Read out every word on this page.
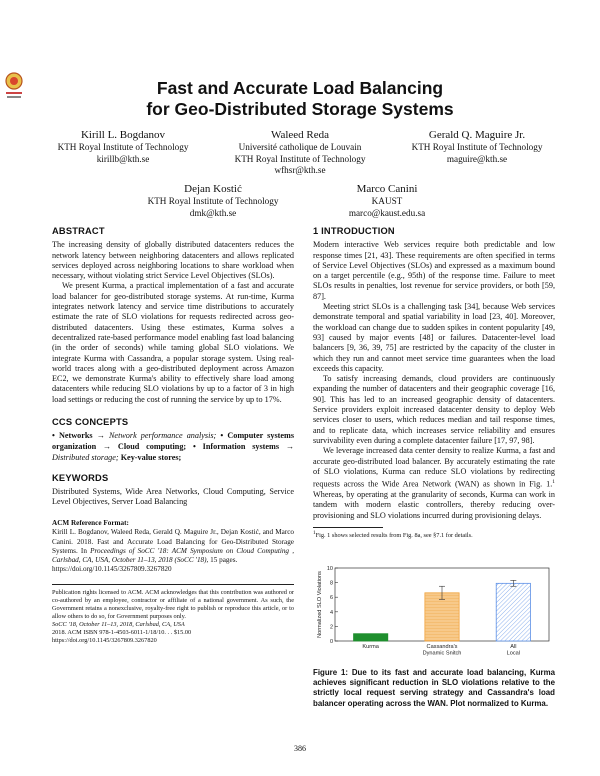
Fast and Accurate Load Balancing
for Geo-Distributed Storage Systems
Kirill L. Bogdanov
KTH Royal Institute of Technology
kirillb@kth.se
Waleed Reda
Université catholique de Louvain
KTH Royal Institute of Technology
wfhsr@kth.se
Gerald Q. Maguire Jr.
KTH Royal Institute of Technology
maguire@kth.se
Dejan Kostić
KTH Royal Institute of Technology
dmk@kth.se
Marco Canini
KAUST
marco@kaust.edu.sa
ABSTRACT

The increasing density of globally distributed datacenters reduces the network latency between neighboring datacenters and allows replicated services deployed across neighboring locations to share workload when necessary, without violating strict Service Level Objectives (SLOs).

We present Kurma, a practical implementation of a fast and accurate load balancer for geo-distributed storage systems. At run-time, Kurma integrates network latency and service time distributions to accurately estimate the rate of SLO violations for requests redirected across geo-distributed datacenters. Using these estimates, Kurma solves a decentralized rate-based performance model enabling fast load balancing (in the order of seconds) while taming global SLO violations. We integrate Kurma with Cassandra, a popular storage system. Using real-world traces along with a geo-distributed deployment across Amazon EC2, we demonstrate Kurma's ability to effectively share load among datacenters while reducing SLO violations by up to a factor of 3 in high load settings or reducing the cost of running the service by up to 17%.

CCS CONCEPTS

• Networks → Network performance analysis; • Computer systems organization → Cloud computing; • Information systems → Distributed storage; Key-value stores;

KEYWORDS

Distributed Systems, Wide Area Networks, Cloud Computing, Service Level Objectives, Server Load Balancing

ACM Reference Format:

Kirill L. Bogdanov, Waleed Reda, Gerald Q. Maguire Jr., Dejan Kostić, and Marco Canini. 2018. Fast and Accurate Load Balancing for Geo-Distributed Storage Systems. In Proceedings of SoCC '18: ACM Symposium on Cloud Computing , Carlsbad, CA, USA, October 11–13, 2018 (SoCC '18), 15 pages.
https://doi.org/10.1145/3267809.3267820

Publication rights licensed to ACM. ACM acknowledges that this contribution was authored or co-authored by an employee, contractor or affiliate of a national government. As such, the Government retains a nonexclusive, royalty-free right to publish or reproduce this article, or to allow others to do so, for Government purposes only.

SoCC '18, October 11–13, 2018, Carlsbad, CA, USA

2018. ACM ISBN 978-1-4503-6011-1/18/10. . . $15.00

https://doi.org/10.1145/3267809.3267820

1 INTRODUCTION

Modern interactive Web services require both predictable and low response times [21, 43]. These requirements are often specified in terms of Service Level Objectives (SLOs) and expressed as a maximum bound on a target percentile (e.g., 95th) of the response time. Failure to meet SLOs results in penalties, lost revenue for service providers, or both [59, 87].

Meeting strict SLOs is a challenging task [34], because Web services demonstrate temporal and spatial variability in load [23, 40]. Moreover, the workload can change due to sudden spikes in content popularity [49, 93] caused by major events [48] or failures. Datacenter-level load balancers [9, 36, 39, 75] are restricted by the capacity of the cluster in which they run and cannot meet service time guarantees when the load exceeds this capacity.

To satisfy increasing demands, cloud providers are continuously expanding the number of datacenters and their geographic coverage [16, 90]. This has led to an increased geographic density of datacenters. Service providers exploit increased datacenter density to deploy Web services closer to users, which reduces median and tail response times, and to replicate data, which increases service reliability and ensures survivability even during a complete datacenter failure [17, 97, 98].

We leverage increased data center density to realize Kurma, a fast and accurate geo-distributed load balancer. By accurately estimating the rate of SLO violations, Kurma can reduce SLO violations by redirecting requests across the Wide Area Network (WAN) as shown in Fig. 1.$^1$ Whereas, by operating at the granularity of seconds, Kurma can work in tandem with modern elastic controllers, thereby reducing over-provisioning and SLO violations incurred during provisioning delays.

$^1$Fig. 1 shows selected results from Fig. 8a, see §7.1 for details.

0
2
4
6
8
10
Normalized SLO Violations
Kurma	Cassandra's
Dynamic Snitch
All
Local
Figure 1: Due to its fast and accurate load balancing, Kurma achieves significant reduction in SLO violations relative to the strictly local request serving strategy and Cassandra's load balancer operating across the WAN. Plot normalized to Kurma.
386
